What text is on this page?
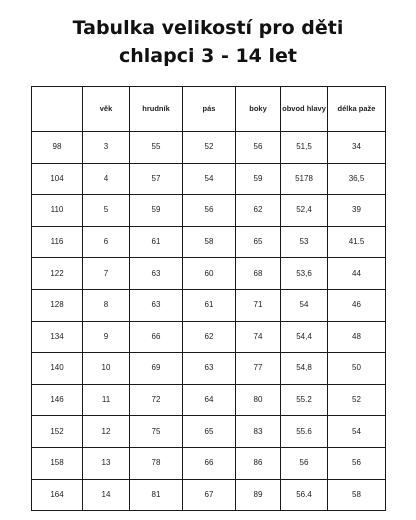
Tabulka velikostí pro děti
chlapci 3 - 14 let
	věk	hrudník	pás	boky	obvod hlavy	délka paže
98	3	55	52	56	51,5	34
104	4	57	54	59	5178	36,5
110	5	59	56	62	52,4	39
116	6	61	58	65	53	41.5
122	7	63	60	68	53,6	44
128	8	63	61	71	54	46
134	9	66	62	74	54,4	48
140	10	69	63	77	54,8	50
146	11	72	64	80	55.2	52
152	12	75	65	83	55.6	54
158	13	78	66	86	56	56
164	14	81	67	89	56.4	58
